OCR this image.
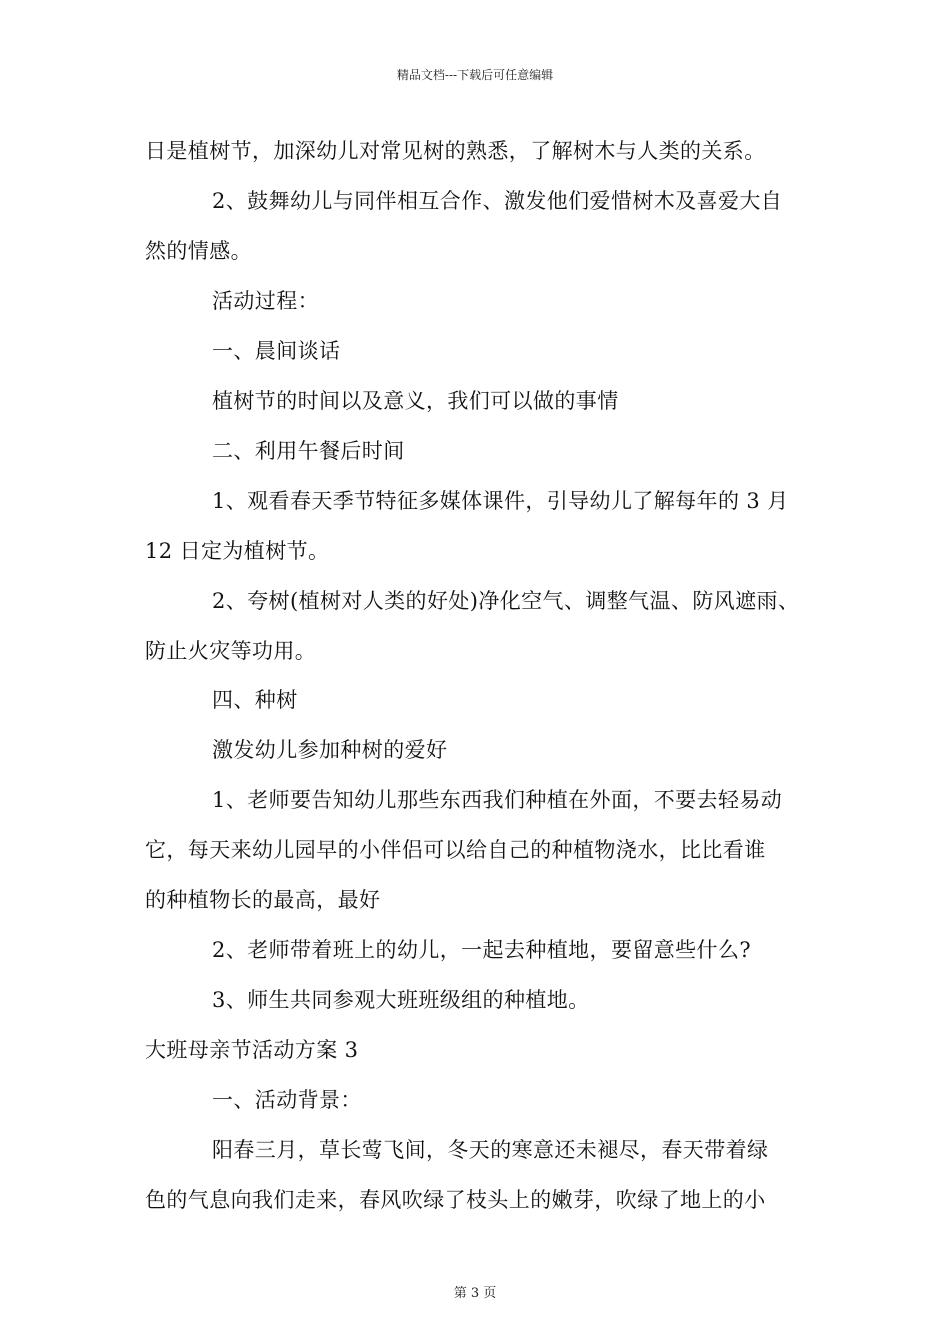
精品文档---下载后可任意编辑
日是植树节，加深幼儿对常见树的熟悉，了解树木与人类的关系。
2、鼓舞幼儿与同伴相互合作、激发他们爱惜树木及喜爱大自
然的情感。
活动过程：
一、晨间谈话
植树节的时间以及意义，我们可以做的事情
二、利用午餐后时间
1、观看春天季节特征多媒体课件，引导幼儿了解每年的 3 月
12 日定为植树节。
2、夸树(植树对人类的好处)净化空气、调整气温、防风遮雨、
防止火灾等功用。
四、种树
激发幼儿参加种树的爱好
1、老师要告知幼儿那些东西我们种植在外面，不要去轻易动
它，每天来幼儿园早的小伴侣可以给自己的种植物浇水，比比看谁
的种植物长的最高，最好
2、老师带着班上的幼儿，一起去种植地，要留意些什么?
3、师生共同参观大班班级组的种植地。
大班母亲节活动方案 3
一、活动背景：
阳春三月，草长莺飞间，冬天的寒意还未褪尽，春天带着绿
色的气息向我们走来，春风吹绿了枝头上的嫩芽，吹绿了地上的小
第 3 页
